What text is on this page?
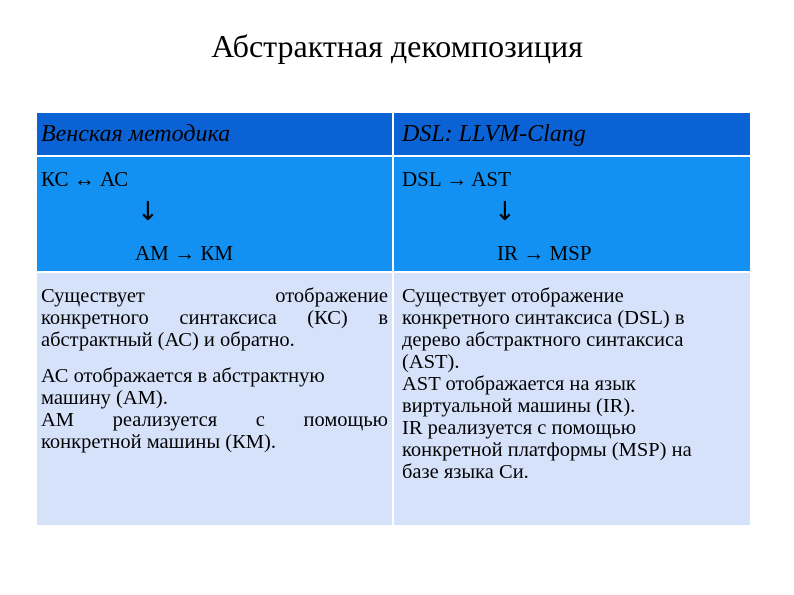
Абстрактная декомпозиция
Венская методика	DSL: LLVM-Clang
КС ↔ АС
↓
AM → КМ
DSL → AST
↓
IR → MSP
Существует отображение
конкретного синтаксиса (КС) в
абстрактный (АС) и обратно.
АС отображается в абстрактную
машину (АМ).
АМ реализуется с помощью
конкретной машины (КМ).
Существует отображение
конкретного синтаксиса (DSL) в
дерево абстрактного синтаксиса
(AST).
AST отображается на язык
виртуальной машины (IR).
IR реализуется с помощью
конкретной платформы (MSP) на
базе языка Си.
